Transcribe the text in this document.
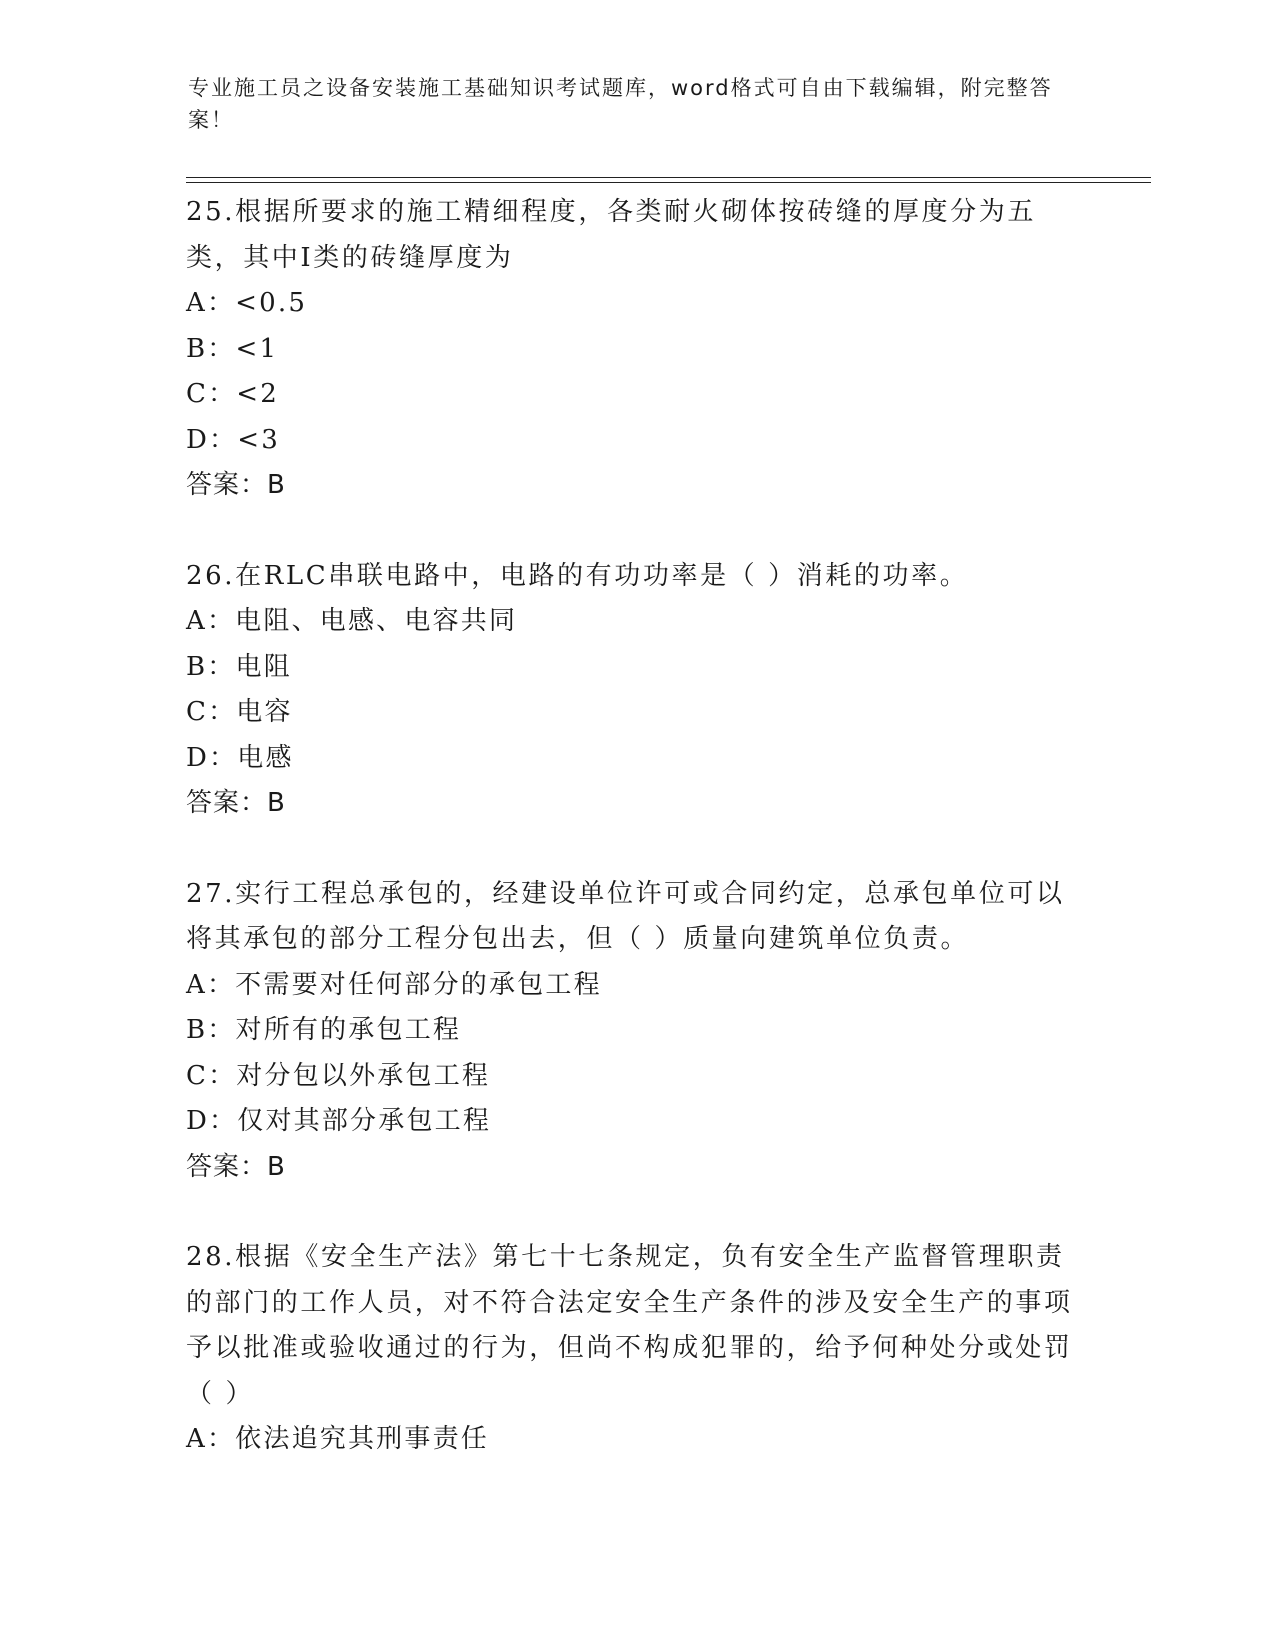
专业施工员之设备安装施工基础知识考试题库，word格式可自由下载编辑，附完整答案！
25.根据所要求的施工精细程度，各类耐火砌体按砖缝的厚度分为五类，其中I类的砖缝厚度为
A：<0.5
B：<1
C：<2
D：<3
答案：B
26.在RLC串联电路中，电路的有功功率是（ ）消耗的功率。
A：电阻、电感、电容共同
B：电阻
C：电容
D：电感
答案：B
27.实行工程总承包的，经建设单位许可或合同约定，总承包单位可以将其承包的部分工程分包出去，但（ ）质量向建筑单位负责。
A：不需要对任何部分的承包工程
B：对所有的承包工程
C：对分包以外承包工程
D：仅对其部分承包工程
答案：B
28.根据《安全生产法》第七十七条规定，负有安全生产监督管理职责的部门的工作人员，对不符合法定安全生产条件的涉及安全生产的事项予以批准或验收通过的行为，但尚不构成犯罪的，给予何种处分或处罚（ ）
A：依法追究其刑事责任
